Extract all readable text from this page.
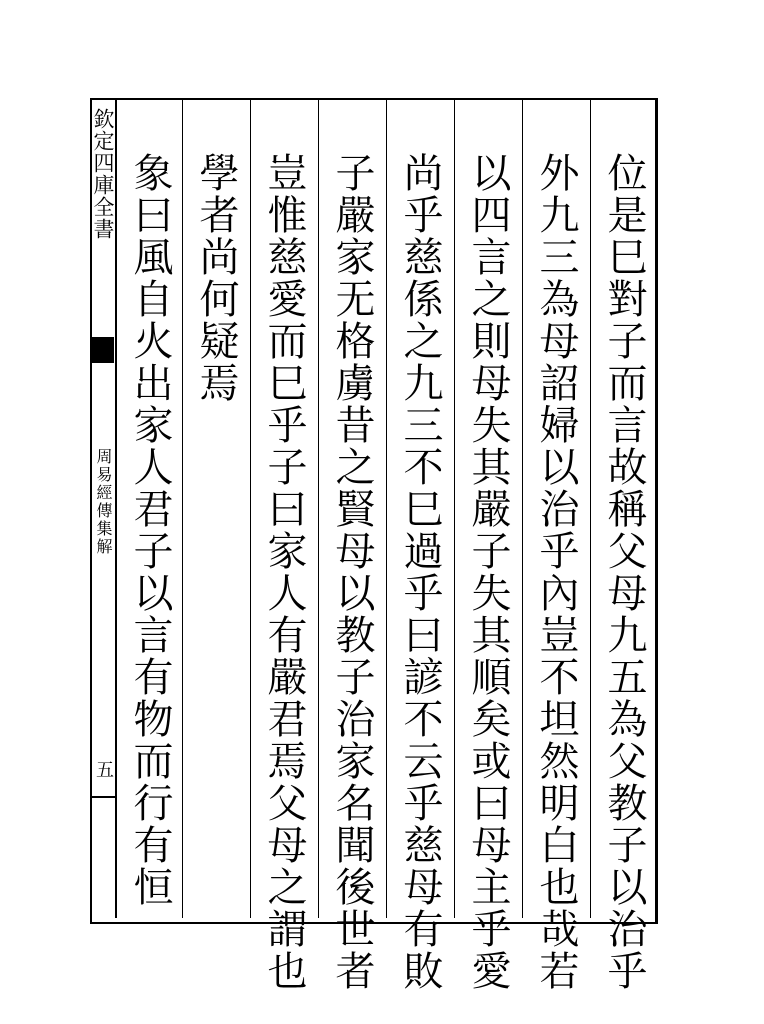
欽定四庫全書
周易經傳集解
五	位是巳對子而言故稱父母九五為父教子以治乎
外九三為母詔婦以治乎內豈不坦然明白也哉若
以四言之則母失其嚴子失其順矣或曰母主乎愛
尚乎慈係之九三不巳過乎曰諺不云乎慈母有敗
子嚴家无格虜昔之賢母以教子治家名聞後世者
豈惟慈愛而巳乎子曰家人有嚴君焉父母之謂也
學者尚何疑焉
象曰風自火出家人君子以言有物而行有恒
